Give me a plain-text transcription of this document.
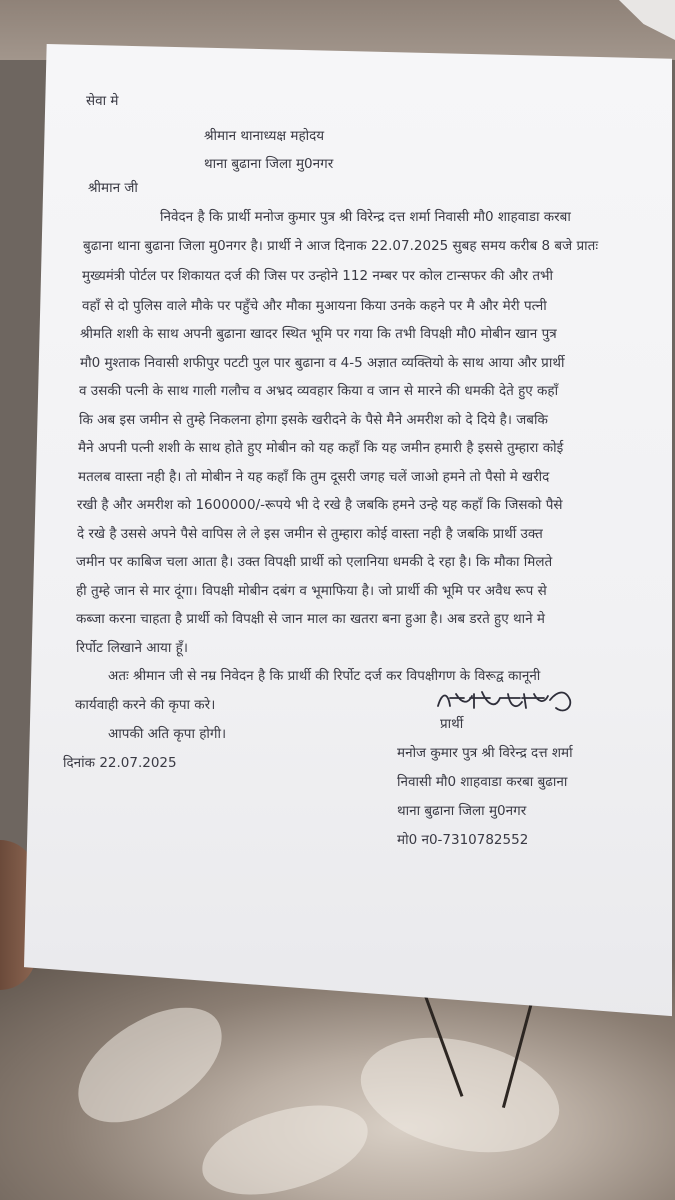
सेवा मे
श्रीमान थानाध्यक्ष महोदय
थाना बुढाना जिला मु0नगर
श्रीमान जी
निवेदन है कि प्रार्थी मनोज कुमार पुत्र श्री विरेन्द्र दत्त शर्मा निवासी मौ0 शाहवाडा करबा
बुढाना थाना बुढाना जिला मु0नगर है। प्रार्थी ने आज दिनाक 22.07.2025 सुबह समय करीब 8 बजे प्रातः
मुख्यमंत्री पोर्टल पर शिकायत दर्ज की जिस पर उन्होने 112 नम्बर पर कोल टान्सफर की और तभी
वहाँ से दो पुलिस वाले मौके पर पहुँचे और मौका मुआयना किया उनके कहने पर मै और मेरी पत्नी
श्रीमति शशी के साथ अपनी बुढाना खादर स्थित भूमि पर गया कि तभी विपक्षी मौ0 मोबीन खान पुत्र
मौ0 मुश्ताक निवासी शफीपुर पटटी पुल पार बुढाना व 4-5 अज्ञात व्यक्तियो के साथ आया और प्रार्थी
व उसकी पत्नी के साथ गाली गलौच व अभ्रद व्यवहार किया व जान से मारने की धमकी देते हुए कहाँ
कि अब इस जमीन से तुम्हे निकलना होगा इसके खरीदने के पैसे मैने अमरीश को दे दिये है। जबकि
मैने अपनी पत्नी शशी के साथ होते हुए मोबीन को यह कहाँ कि यह जमीन हमारी है इससे तुम्हारा कोई
मतलब वास्ता नही है। तो मोबीन ने यह कहाँ कि तुम दूसरी जगह चलें जाओ हमने तो पैसो मे खरीद
रखी है और अमरीश को 1600000/-रूपये भी दे रखे है जबकि हमने उन्हे यह कहाँ कि जिसको पैसे
दे रखे है उससे अपने पैसे वापिस ले ले इस जमीन से तुम्हारा कोई वास्ता नही है जबकि प्रार्थी उक्त
जमीन पर काबिज चला आता है। उक्त विपक्षी प्रार्थी को एलानिया धमकी दे रहा है। कि मौका मिलते
ही तुम्हे जान से मार दूंगा। विपक्षी मोबीन दबंग व भूमाफिया है। जो प्रार्थी की भूमि पर अवैध रूप से
कब्जा करना चाहता है प्रार्थी को विपक्षी से जान माल का खतरा बना हुआ है। अब डरते हुए थाने मे
रिर्पोट लिखाने आया हूँ।
अतः श्रीमान जी से नम्र निवेदन है कि प्रार्थी की रिर्पोट दर्ज कर विपक्षीगण के विरूद्व कानूनी
कार्यवाही करने की कृपा करे।
आपकी अति कृपा होगी।
दिनांक 22.07.2025
प्रार्थी
मनोज कुमार पुत्र श्री विरेन्द्र दत्त शर्मा
निवासी मौ0 शाहवाडा करबा बुढाना
थाना बुढाना जिला मु0नगर
मो0 न0-7310782552
